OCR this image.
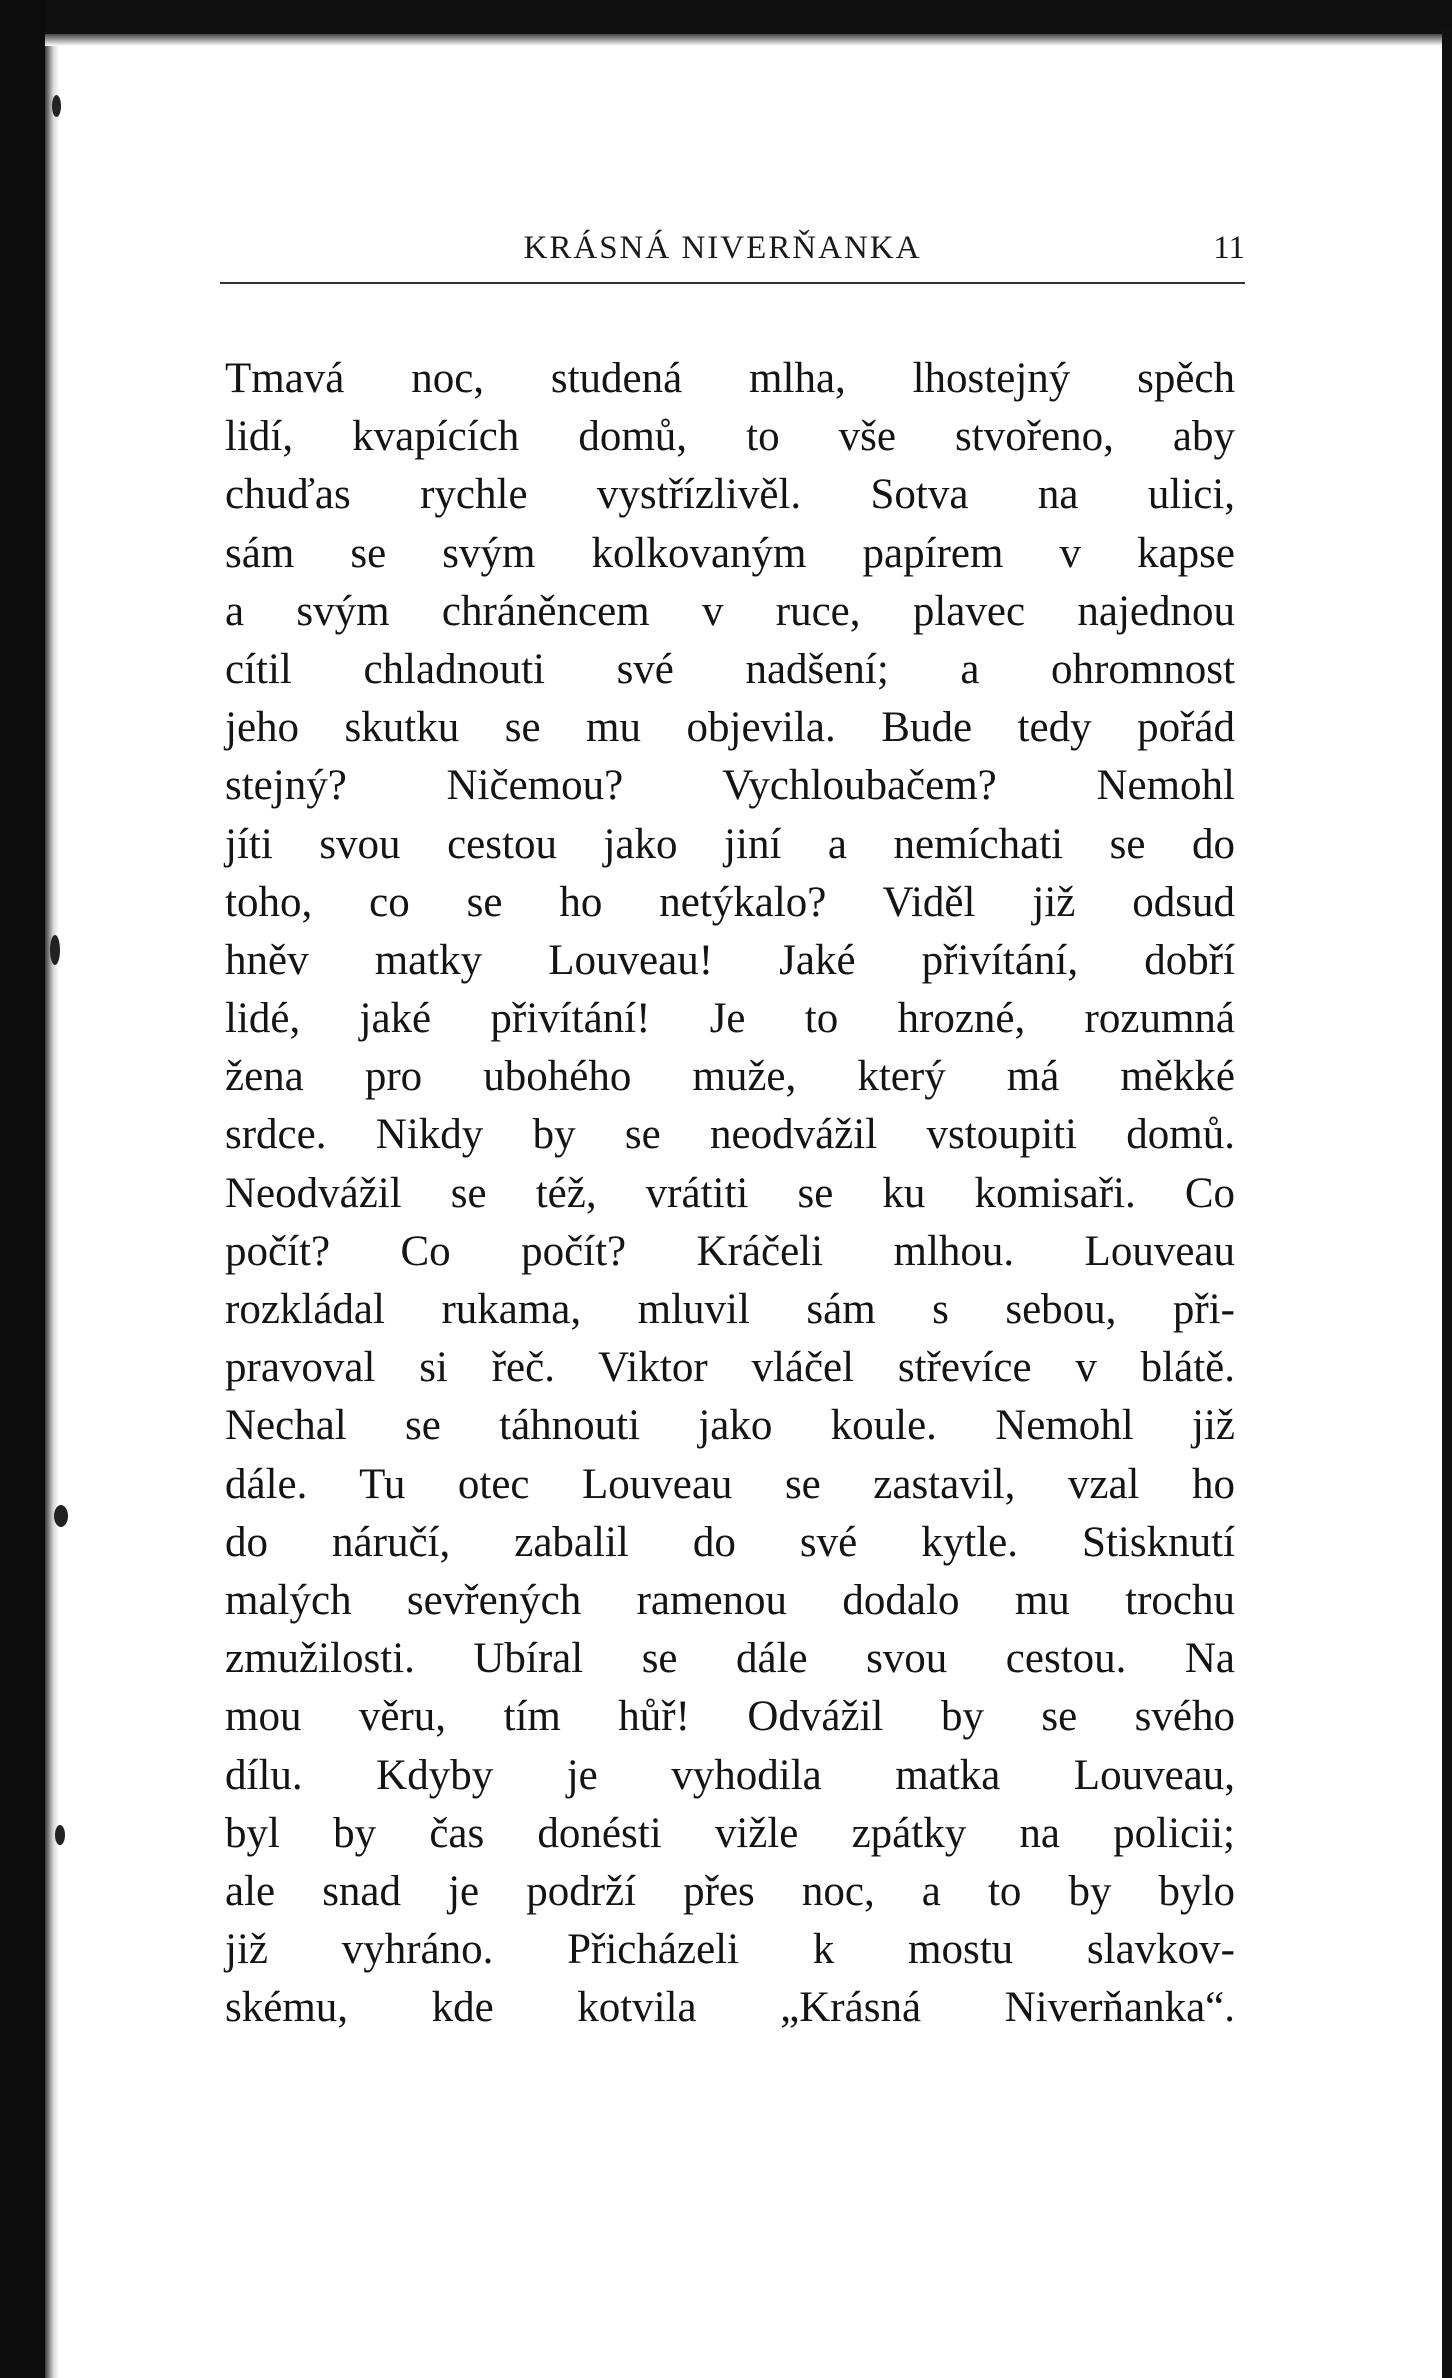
KRÁSNÁ NIVERŇANKA	11
Tmavá noc, studená mlha, lhostejný spěch
lidí, kvapících domů, to vše stvořeno, aby
chuďas rychle vystřízlivěl. Sotva na ulici,
sám se svým kolkovaným papírem v kapse
a svým chráněncem v ruce, plavec najednou
cítil chladnouti své nadšení; a ohromnost
jeho skutku se mu objevila. Bude tedy pořád
stejný? Ničemou? Vychloubačem? Nemohl
jíti svou cestou jako jiní a nemíchati se do
toho, co se ho netýkalo? Viděl již odsud
hněv matky Louveau! Jaké přivítání, dobří
lidé, jaké přivítání! Je to hrozné, rozumná
žena pro ubohého muže, který má měkké
srdce. Nikdy by se neodvážil vstoupiti domů.
Neodvážil se též, vrátiti se ku komisaři. Co
počít? Co počít? Kráčeli mlhou. Louveau
rozkládal rukama, mluvil sám s sebou, při-
pravoval si řeč. Viktor vláčel střevíce v blátě.
Nechal se táhnouti jako koule. Nemohl již
dále. Tu otec Louveau se zastavil, vzal ho
do náručí, zabalil do své kytle. Stisknutí
malých sevřených ramenou dodalo mu trochu
zmužilosti. Ubíral se dále svou cestou. Na
mou věru, tím hůř! Odvážil by se svého
dílu. Kdyby je vyhodila matka Louveau,
byl by čas donésti vižle zpátky na policii;
ale snad je podrží přes noc, a to by bylo
již vyhráno. Přicházeli k mostu slavkov-
skému, kde kotvila „Krásná Niverňanka“.
